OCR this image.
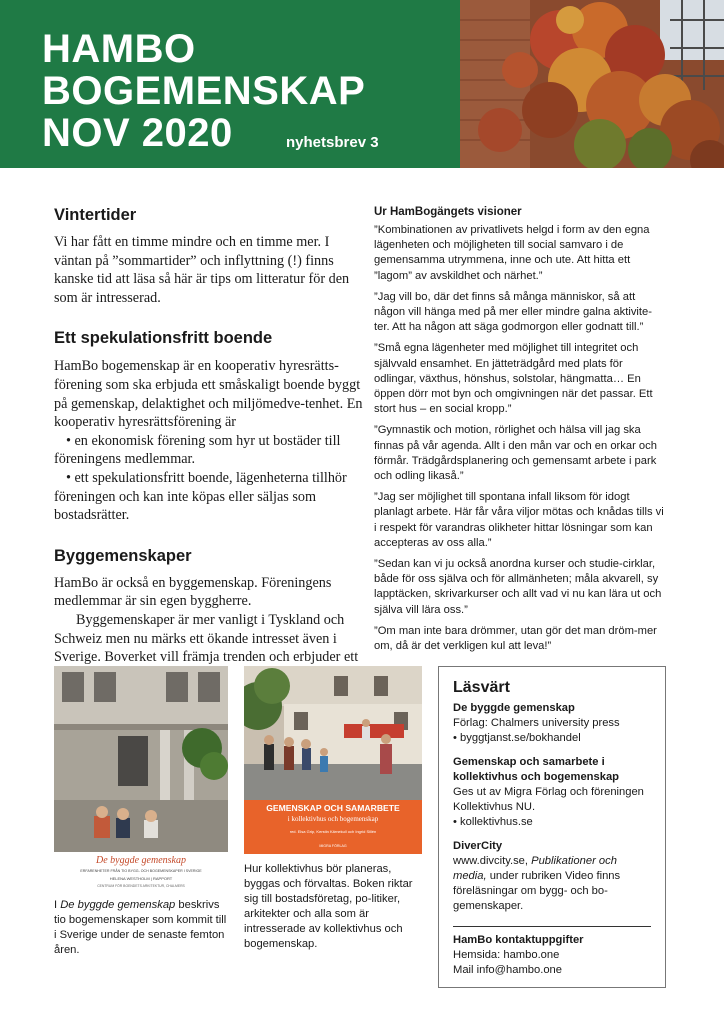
HAMBO
BOGEMENSKAP
NOV 2020	nyhetsbrev 3
Vintertider

Vi har fått en timme mindre och en timme mer. I väntan på ”sommartider” och inflyttning (!) finns kanske tid att läsa så här är tips om litteratur för den som är intresserad.

Ett spekulationsfritt boende

HamBo bogemenskap är en kooperativ hyresrätts-förening som ska erbjuda ett småskaligt boende byggt på gemenskap, delaktighet och miljömedve-tenhet. En kooperativ hyresrättsförening är

• en ekonomisk förening som hyr ut bostäder till föreningens medlemmar.

• ett spekulationsfritt boende, lägenheterna tillhör föreningen och kan inte köpas eller säljas som bostadsrätter.

Byggemenskaper

HamBo är också en byggemenskap. Föreningens medlemmar är sin egen byggherre.

Byggemenskaper är mer vanligt i Tyskland och Schweiz men nu märks ett ökande intresset även i Sverige. Boverket vill främja trenden och erbjuder ett

Ur HamBogängets visioner

”Kombinationen av privatlivets helgd i form av den egna lägenheten och möjligheten till social samvaro i de gemensamma utrymmena, inne och ute. Att hitta ett ”lagom” av avskildhet och närhet.”

”Jag vill bo, där det finns så många människor, så att någon vill hänga med på mer eller mindre galna aktivite-ter. Att ha någon att säga godmorgon eller godnatt till.”

”Små egna lägenheter med möjlighet till integritet och självvald ensamhet. En jätteträdgård med plats för odlingar, växthus, hönshus, solstolar, hängmatta… En öppen dörr mot byn och omgivningen när det passar. Ett stort hus – en social kropp.”

”Gymnastik och motion, rörlighet och hälsa vill jag ska finnas på vår agenda. Allt i den mån var och en orkar och förmår. Trädgårdsplanering och gemensamt arbete i park och odling likaså.”

”Jag ser möjlighet till spontana infall liksom för idogt planlagt arbete. Här får våra viljor mötas och knådas tills vi i respekt för varandras olikheter hittar lösningar som kan accepteras av oss alla.”

”Sedan kan vi ju också anordna kurser och studie-cirklar, både för oss själva och för allmänheten; måla akvarell, sy lapptäcken, skrivarkurser och allt vad vi nu kan lära ut och själva vill lära oss.”

”Om man inte bara drömmer, utan gör det man dröm-mer om, då är det verkligen kul att leva!”

De byggde gemenskap
ERFARENHETER FRÅN TIO BYGG- OCH BOGEMENSKAPER I SVERIGE
HELENA WESTHOLM | RAPPORT
CENTRUM FÖR BOENDETS ARKITEKTUR, CHALMERS
I De byggde gemenskap beskrivs tio bogemenskaper som kommit till i Sverige under de senaste femton åren.
GEMENSKAP OCH SAMARBETE
i kollektivhus och bogemenskap
red. Elsa Grip, Kerstin Kärnekull och Ingrid Sillén
MIGRA FÖRLAG
Hur kollektivhus bör planeras, byggas och förvaltas. Boken riktar sig till bostadsföretag, po-litiker, arkitekter och alla som är intresserade av kollektivhus och bogemenskap.
Läsvärt
De byggde gemenskap
Förlag: Chalmers university press
• byggtjanst.se/bokhandel
Gemenskap och samarbete i kollektivhus och bogemenskap
Ges ut av Migra Förlag och föreningen Kollektivhus NU.
• kollektivhus.se
DiverCity
www.divcity.se, Publikationer och media, under rubriken Video finns föreläsningar om bygg- och bo-gemenskaper.
HamBo kontaktuppgifter
Hemsida: hambo.one
Mail info@hambo.one
